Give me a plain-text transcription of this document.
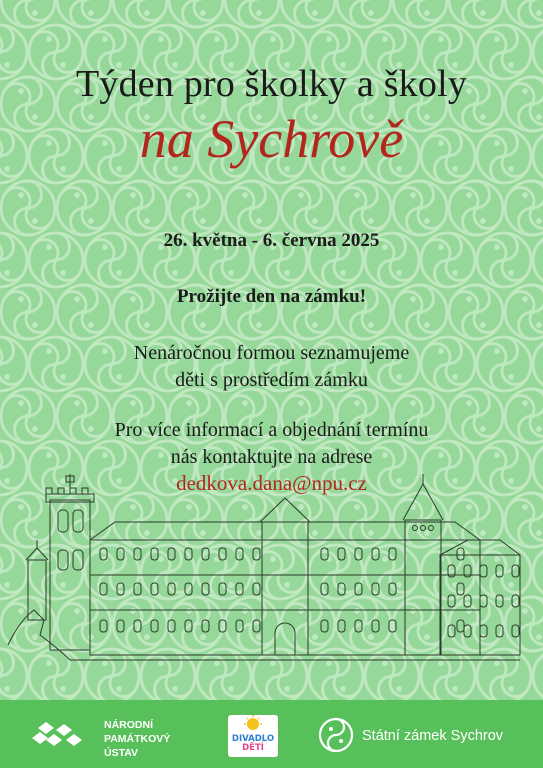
Týden pro školky a školy
na Sychrově
26. května - 6. června 2025
Prožijte den na zámku!
Nenáročnou formou seznamujeme
děti s prostředím zámku
Pro více informací a objednání termínu
nás kontaktujte na adrese
dedkova.dana@npu.cz
NÁRODNÍ
PAMÁTKOVÝ
ÚSTAV
DIVADLO
DĚTÍ
Státní zámek Sychrov
